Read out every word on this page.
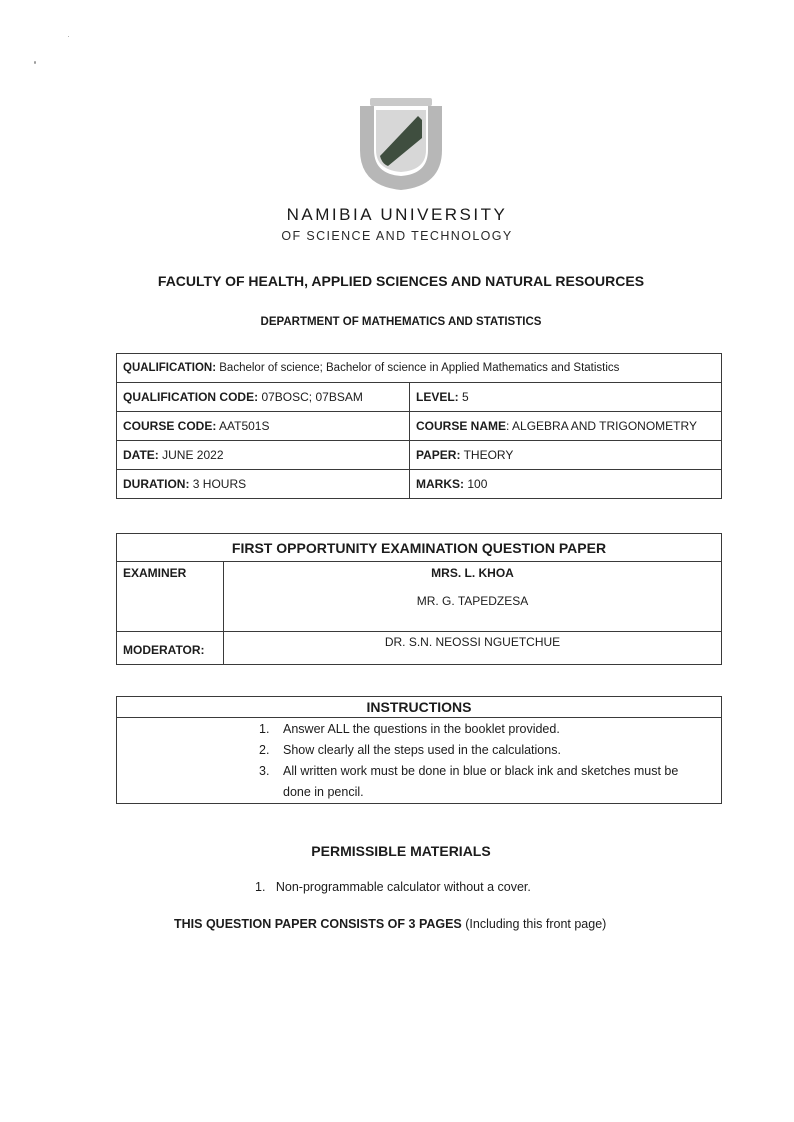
NAMIBIA UNIVERSITY
OF SCIENCE AND TECHNOLOGY
FACULTY OF HEALTH, APPLIED SCIENCES AND NATURAL RESOURCES
DEPARTMENT OF MATHEMATICS AND STATISTICS
QUALIFICATION: Bachelor of science; Bachelor of science in Applied Mathematics and Statistics	
QUALIFICATION CODE: 07BOSC; 07BSAM	LEVEL: 5
COURSE CODE: AAT501S	COURSE NAME: ALGEBRA AND TRIGONOMETRY
DATE: JUNE 2022	PAPER: THEORY
DURATION: 3 HOURS	MARKS: 100
FIRST OPPORTUNITY EXAMINATION QUESTION PAPER	
EXAMINER	MRS. L. KHOA
MR. G. TAPEDZESA

MODERATOR:	DR. S.N. NEOSSI NGUETCHUE
INSTRUCTIONS
1. Answer ALL the questions in the booklet provided.
2. Show clearly all the steps used in the calculations.
3. All written work must be done in blue or black ink and sketches must be done in pencil.
PERMISSIBLE MATERIALS
1. Non-programmable calculator without a cover.
THIS QUESTION PAPER CONSISTS OF 3 PAGES (Including this front page)
